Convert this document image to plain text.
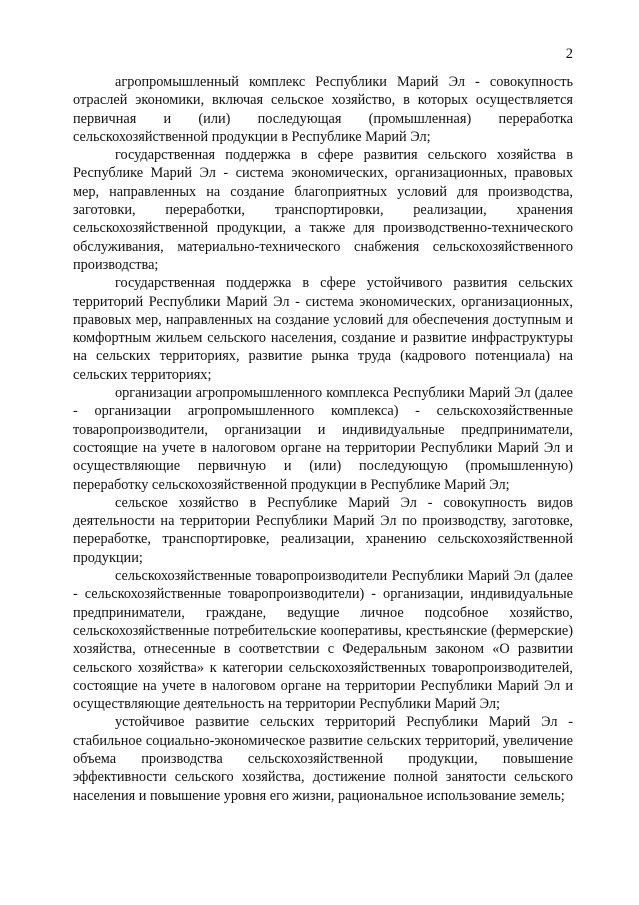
2

агропромышленный комплекс Республики Марий Эл - совокупность отраслей экономики, включая сельское хозяйство, в которых осуществляется первичная и (или) последующая (промышленная) переработка сельскохозяйственной продукции в Республике Марий Эл;

государственная поддержка в сфере развития сельского хозяйства в Республике Марий Эл - система экономических, организационных, правовых мер, направленных на создание благоприятных условий для производства, заготовки, переработки, транспортировки, реализации, хранения сельскохозяйственной продукции, а также для производственно-технического обслуживания, материально-технического снабжения сельскохозяйственного производства;

государственная поддержка в сфере устойчивого развития сельских территорий Республики Марий Эл - система экономических, организационных, правовых мер, направленных на создание условий для обеспечения доступным и комфортным жильем сельского населения, создание и развитие инфраструктуры на сельских территориях, развитие рынка труда (кадрового потенциала) на сельских территориях;

организации агропромышленного комплекса Республики Марий Эл (далее - организации агропромышленного комплекса) - сельскохозяйственные товаропроизводители, организации и индивидуальные предприниматели, состоящие на учете в налоговом органе на территории Республики Марий Эл и осуществляющие первичную и (или) последующую (промышленную) переработку сельскохозяйственной продукции в Республике Марий Эл;

сельское хозяйство в Республике Марий Эл - совокупность видов деятельности на территории Республики Марий Эл по производству, заготовке, переработке, транспортировке, реализации, хранению сельскохозяйственной продукции;

сельскохозяйственные товаропроизводители Республики Марий Эл (далее - сельскохозяйственные товаропроизводители) - организации, индивидуальные предприниматели, граждане, ведущие личное подсобное хозяйство, сельскохозяйственные потребительские кооперативы, крестьянские (фермерские) хозяйства, отнесенные в соответствии с Федеральным законом «О развитии сельского хозяйства» к категории сельскохозяйственных товаропроизводителей, состоящие на учете в налоговом органе на территории Республики Марий Эл и осуществляющие деятельность на территории Республики Марий Эл;

устойчивое развитие сельских территорий Республики Марий Эл - стабильное социально-экономическое развитие сельских территорий, увеличение объема производства сельскохозяйственной продукции, повышение эффективности сельского хозяйства, достижение полной занятости сельского населения и повышение уровня его жизни, рациональное использование земель;
